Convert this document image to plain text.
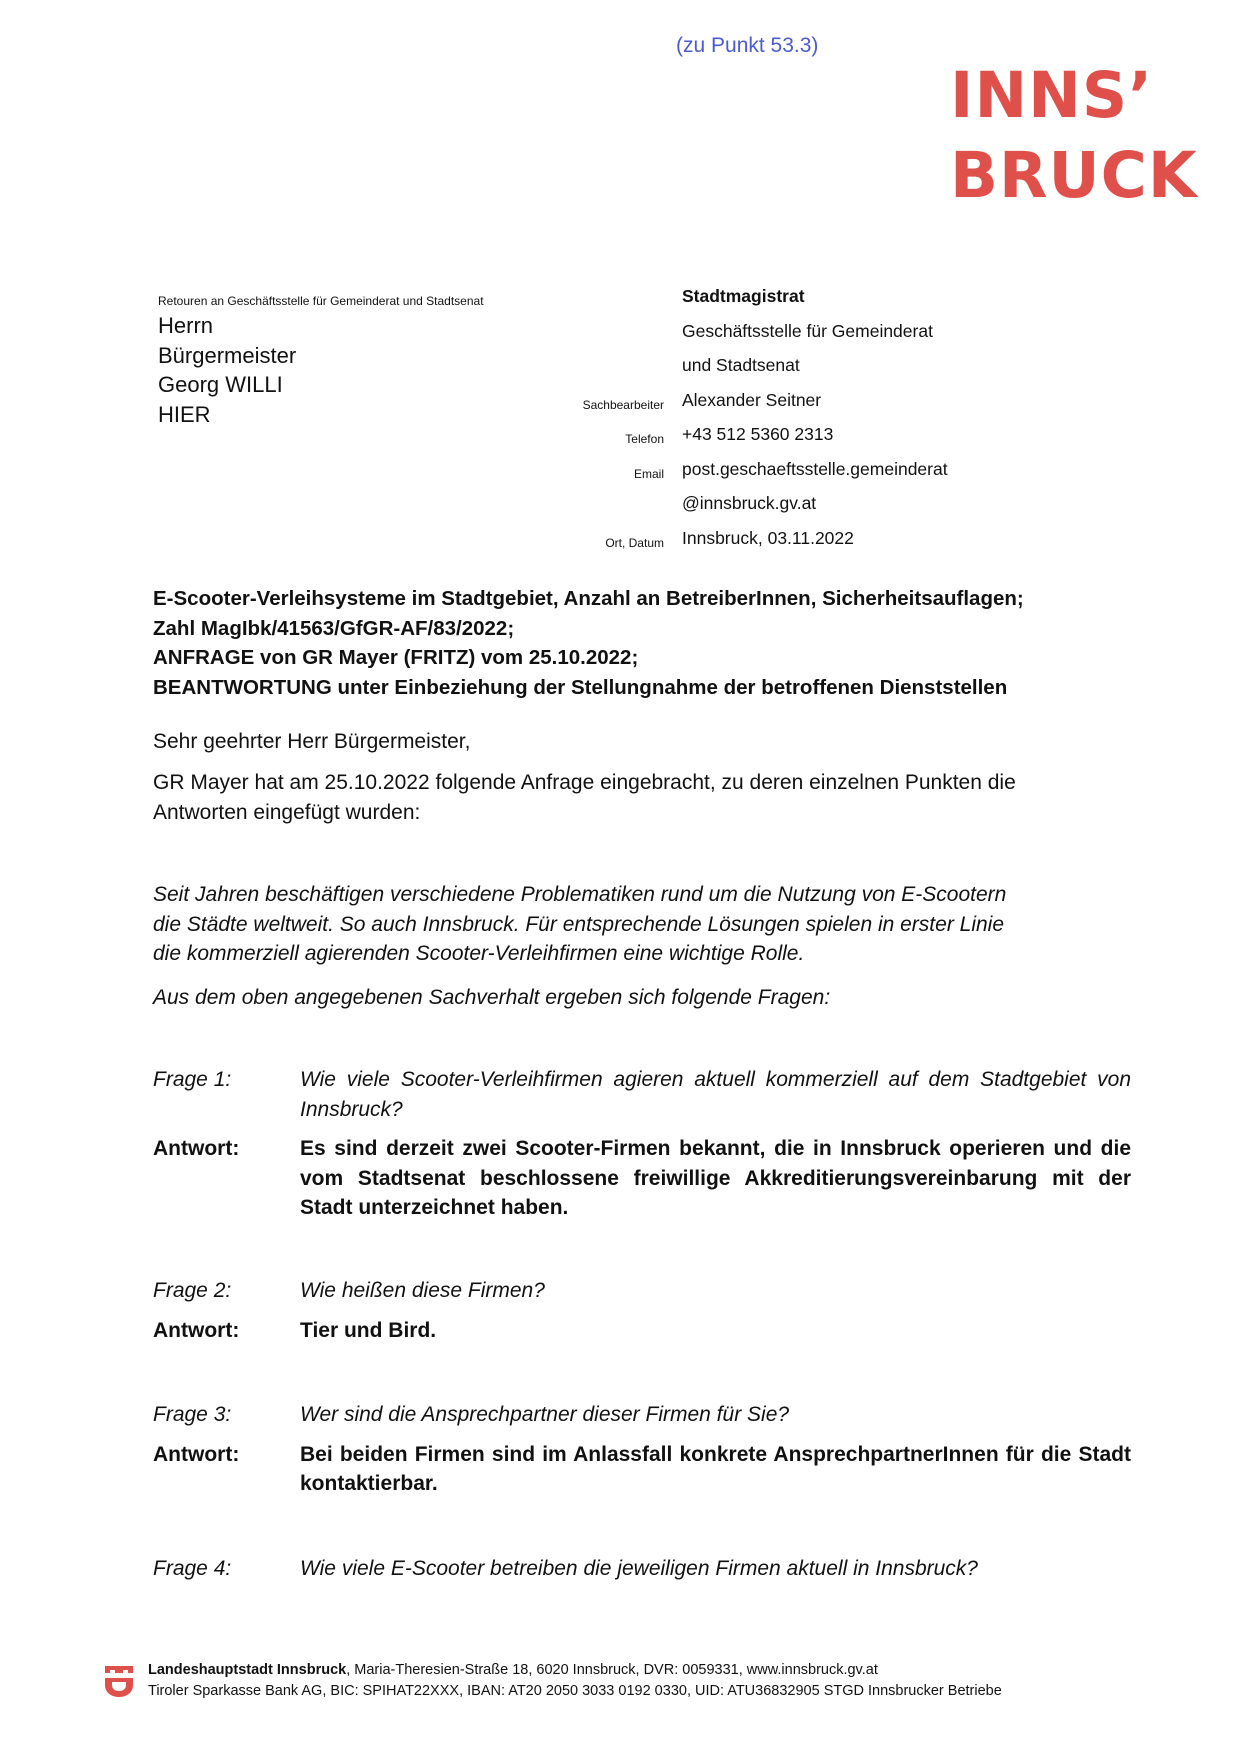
(zu Punkt 53.3)
INNS’
BRUCK
Retouren an Geschäftsstelle für Gemeinderat und Stadtsenat
Herrn
Bürgermeister
Georg WILLI
HIER
	Stadtmagistrat
	Geschäftsstelle für Gemeinderat
	und Stadtsenat
Sachbearbeiter	Alexander Seitner
Telefon	+43 512 5360 2313
Email	post.geschaeftsstelle.gemeinderat
	@innsbruck.gv.at
Ort, Datum	Innsbruck, 03.11.2022
E-Scooter-Verleihsysteme im Stadtgebiet, Anzahl an BetreiberInnen, Sicherheitsauflagen;
Zahl MagIbk/41563/GfGR-AF/83/2022;
ANFRAGE von GR Mayer (FRITZ) vom 25.10.2022;
BEANTWORTUNG unter Einbeziehung der Stellungnahme der betroffenen Dienststellen
Sehr geehrter Herr Bürgermeister,
GR Mayer hat am 25.10.2022 folgende Anfrage eingebracht, zu deren einzelnen Punkten die
Antworten eingefügt wurden:
Seit Jahren beschäftigen verschiedene Problematiken rund um die Nutzung von E-Scootern
die Städte weltweit. So auch Innsbruck. Für entsprechende Lösungen spielen in erster Linie
die kommerziell agierenden Scooter-Verleihfirmen eine wichtige Rolle.
Aus dem oben angegebenen Sachverhalt ergeben sich folgende Fragen:
Frage 1:	Wie viele Scooter-Verleihfirmen agieren aktuell kommerziell auf dem Stadtgebiet von Innsbruck?
Antwort:	Es sind derzeit zwei Scooter-Firmen bekannt, die in Innsbruck operieren und die vom Stadtsenat beschlossene freiwillige Akkreditierungsvereinbarung mit der Stadt unterzeichnet haben.
Frage 2:	Wie heißen diese Firmen?
Antwort:	Tier und Bird.
Frage 3:	Wer sind die Ansprechpartner dieser Firmen für Sie?
Antwort:	Bei beiden Firmen sind im Anlassfall konkrete AnsprechpartnerInnen für die Stadt kontaktierbar.
Frage 4:	Wie viele E-Scooter betreiben die jeweiligen Firmen aktuell in Innsbruck?
Landeshauptstadt Innsbruck, Maria-Theresien-Straße 18, 6020 Innsbruck, DVR: 0059331, www.innsbruck.gv.at
Tiroler Sparkasse Bank AG, BIC: SPIHAT22XXX, IBAN: AT20 2050 3033 0192 0330, UID: ATU36832905 STGD Innsbrucker Betriebe
